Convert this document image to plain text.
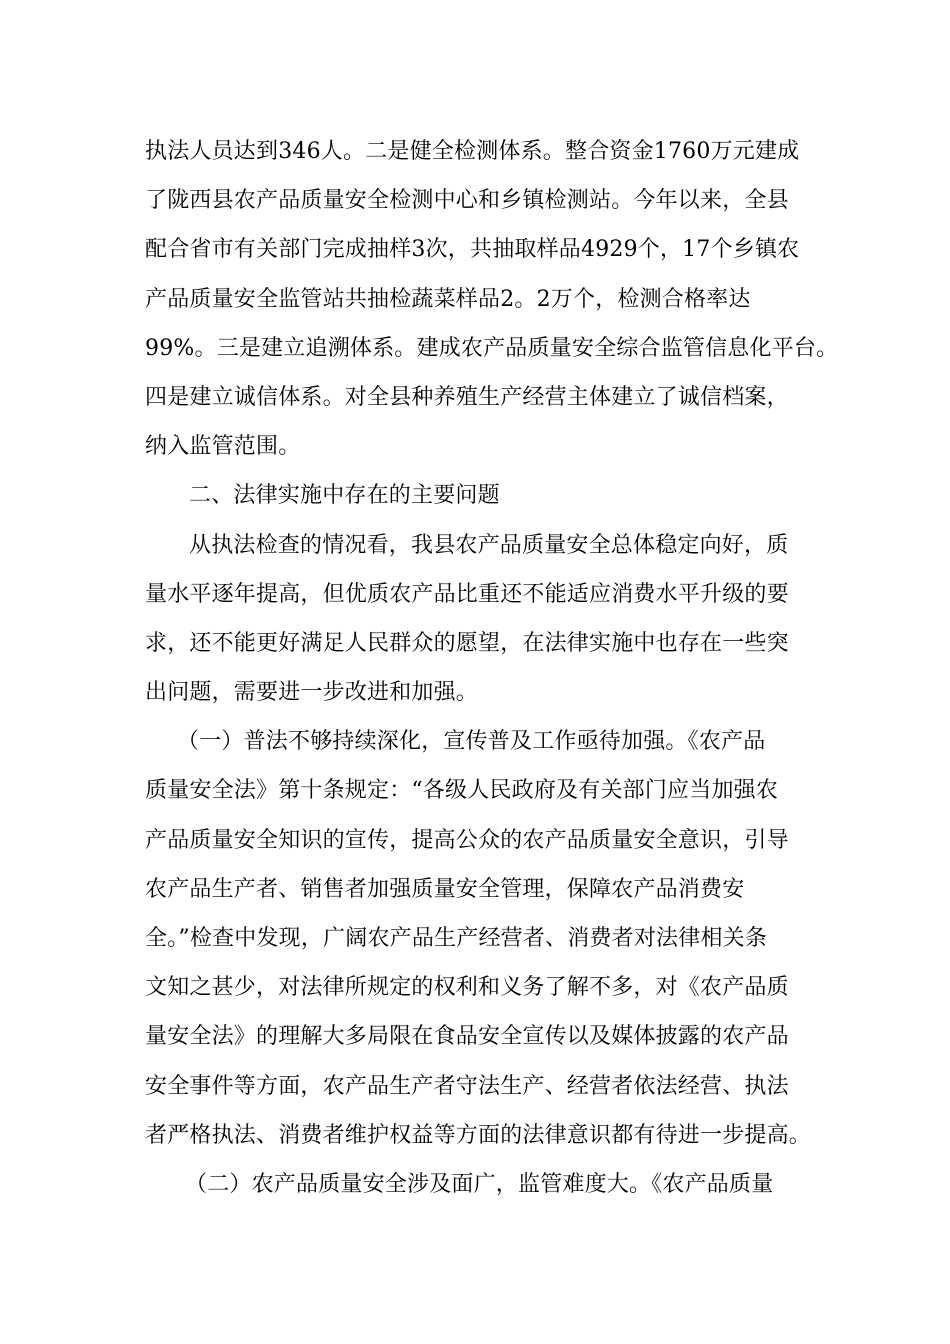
执法人员达到346人。二是健全检测体系。整合资金1760万元建成
了陇西县农产品质量安全检测中心和乡镇检测站。今年以来，全县
配合省市有关部门完成抽样3次，共抽取样品4929个，17个乡镇农
产品质量安全监管站共抽检蔬菜样品2。2万个，检测合格率达
99%。三是建立追溯体系。建成农产品质量安全综合监管信息化平台。
四是建立诚信体系。对全县种养殖生产经营主体建立了诚信档案，
纳入监管范围。
二、法律实施中存在的主要问题
从执法检查的情况看，我县农产品质量安全总体稳定向好，质
量水平逐年提高，但优质农产品比重还不能适应消费水平升级的要
求，还不能更好满足人民群众的愿望，在法律实施中也存在一些突
出问题，需要进一步改进和加强。
（一）普法不够持续深化，宣传普及工作亟待加强。《农产品
质量安全法》第十条规定：“各级人民政府及有关部门应当加强农
产品质量安全知识的宣传，提高公众的农产品质量安全意识，引导
农产品生产者、销售者加强质量安全管理，保障农产品消费安
全。”检查中发现，广阔农产品生产经营者、消费者对法律相关条
文知之甚少，对法律所规定的权利和义务了解不多，对《农产品质
量安全法》的理解大多局限在食品安全宣传以及媒体披露的农产品
安全事件等方面，农产品生产者守法生产、经营者依法经营、执法
者严格执法、消费者维护权益等方面的法律意识都有待进一步提高。
（二）农产品质量安全涉及面广，监管难度大。《农产品质量
